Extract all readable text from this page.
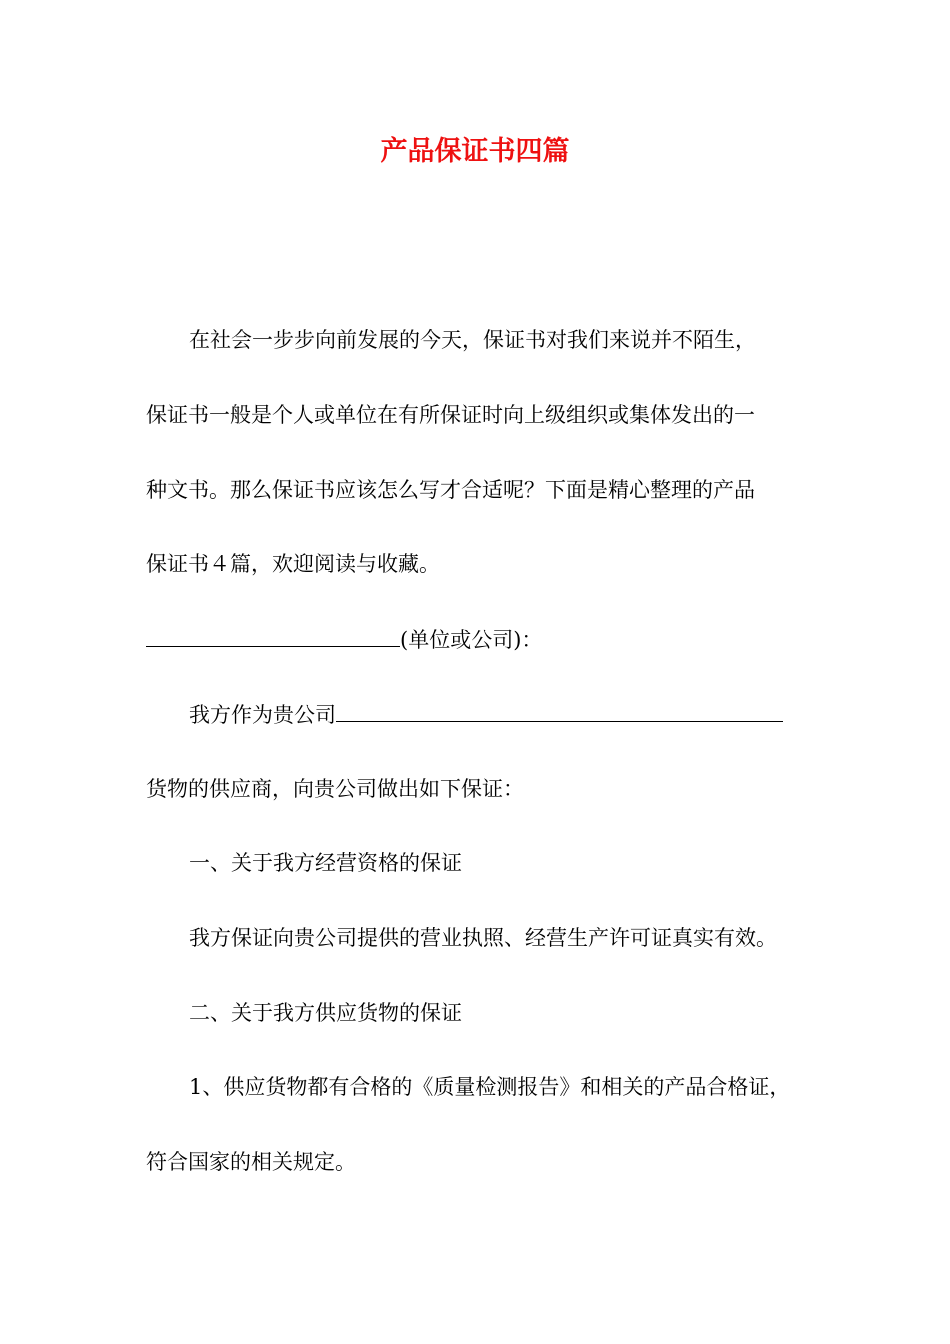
产品保证书四篇
在社会一步步向前发展的今天，保证书对我们来说并不陌生，
保证书一般是个人或单位在有所保证时向上级组织或集体发出的一
种文书。那么保证书应该怎么写才合适呢？下面是精心整理的产品
保证书４篇，欢迎阅读与收藏。
(单位或公司)：
我方作为贵公司
货物的供应商，向贵公司做出如下保证：
一、关于我方经营资格的保证
我方保证向贵公司提供的营业执照、经营生产许可证真实有效。
二、关于我方供应货物的保证
1、供应货物都有合格的《质量检测报告》和相关的产品合格证，
符合国家的相关规定。
